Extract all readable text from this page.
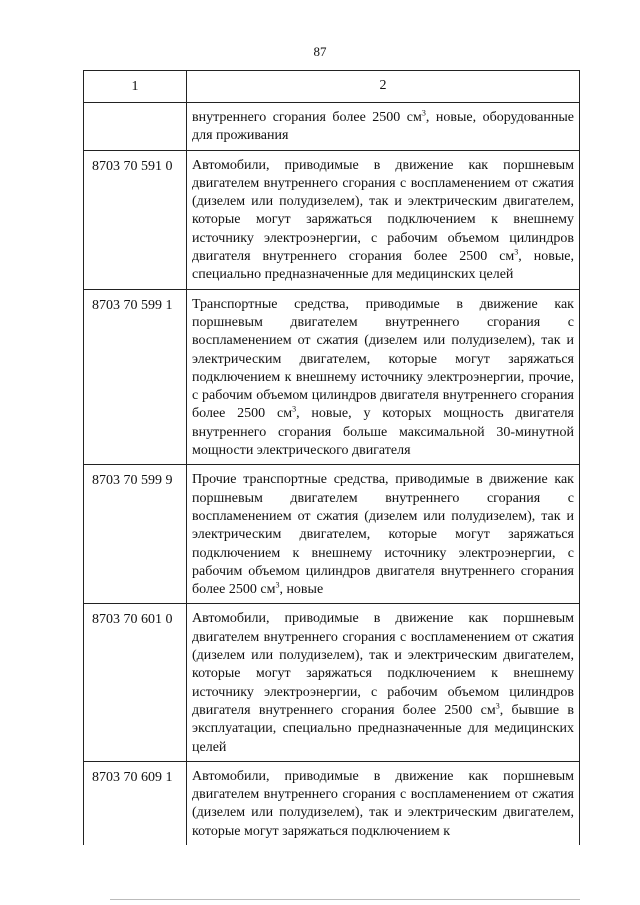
87
1	2
внутреннего сгорания более 2500 $см^3$, новые, оборудованные для проживания
8703 70 591 0	Автомобили, приводимые в движение как поршневым двигателем внутреннего сгорания с воспламенением от сжатия (дизелем или полудизелем), так и электрическим двигателем, которые могут заряжаться подключением к внешнему источнику электроэнергии, с рабочим объемом цилиндров двигателя внутреннего сгорания более 2500 $см^3$, новые, специально предназначенные для медицинских целей
8703 70 599 1	Транспортные средства, приводимые в движение как поршневым двигателем внутреннего сгорания с воспламенением от сжатия (дизелем или полудизелем), так и электрическим двигателем, которые могут заряжаться подключением к внешнему источнику электроэнергии, прочие, с рабочим объемом цилиндров двигателя внутреннего сгорания более 2500 $см^3$, новые, у которых мощность двигателя внутреннего сгорания больше максимальной 30-минутной мощности электрического двигателя
8703 70 599 9	Прочие транспортные средства, приводимые в движение как поршневым двигателем внутреннего сгорания с воспламенением от сжатия (дизелем или полудизелем), так и электрическим двигателем, которые могут заряжаться подключением к внешнему источнику электроэнергии, с рабочим объемом цилиндров двигателя внутреннего сгорания более 2500 $см^3$, новые
8703 70 601 0	Автомобили, приводимые в движение как поршневым двигателем внутреннего сгорания с воспламенением от сжатия (дизелем или полудизелем), так и электрическим двигателем, которые могут заряжаться подключением к внешнему источнику электроэнергии, с рабочим объемом цилиндров двигателя внутреннего сгорания более 2500 $см^3$, бывшие в эксплуатации, специально предназначенные для медицинских целей
8703 70 609 1	Автомобили, приводимые в движение как поршневым двигателем внутреннего сгорания с воспламенением от сжатия (дизелем или полудизелем), так и электрическим двигателем, которые могут заряжаться подключением к
